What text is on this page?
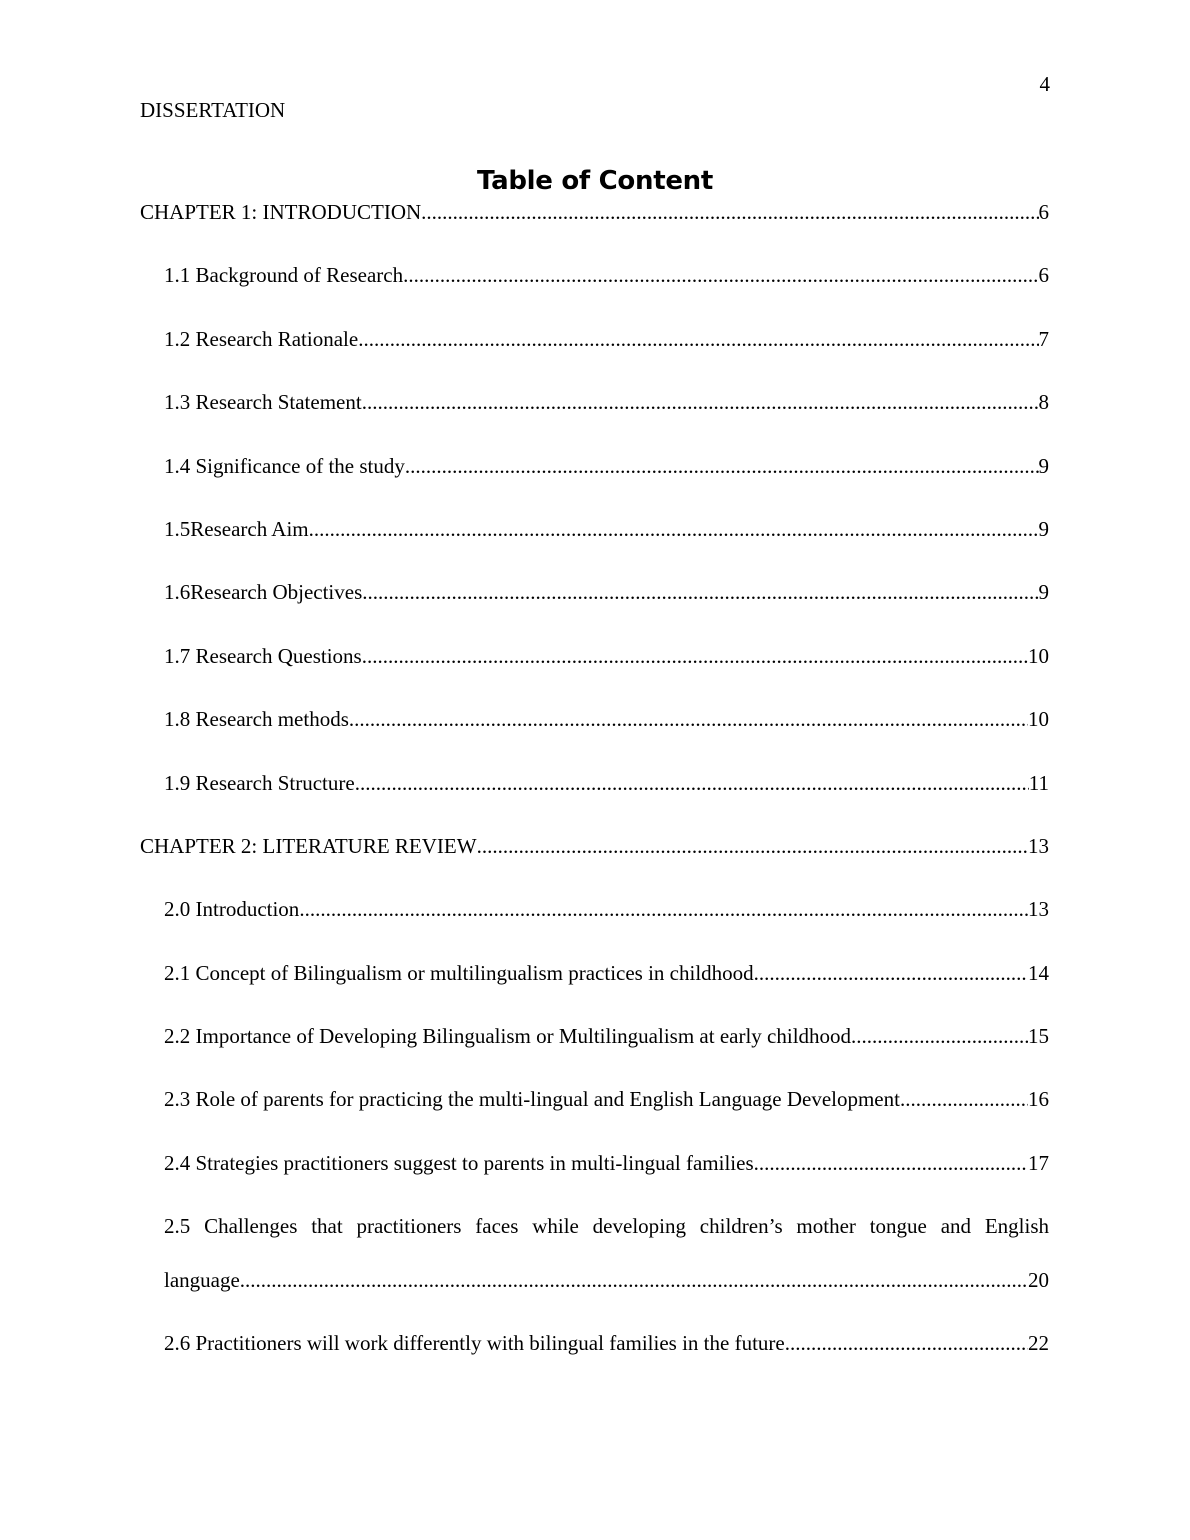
4
DISSERTATION
Table of Content
CHAPTER 1: INTRODUCTION .....	6
1.1 Background of Research .....	6
1.2 Research Rationale .....	7
1.3 Research Statement .....	8
1.4 Significance of the study .....	9
1.5Research Aim .....	9
1.6Research Objectives .....	9
1.7 Research Questions .....	10
1.8 Research methods .....	10
1.9 Research Structure .....	11
CHAPTER 2: LITERATURE REVIEW .....	13
2.0 Introduction .....	13
2.1 Concept of Bilingualism or multilingualism practices in childhood .....	14
2.2 Importance of Developing Bilingualism or Multilingualism at early childhood .....	15
2.3 Role of parents for practicing the multi-lingual and English Language Development .....	16
2.4 Strategies practitioners suggest to parents in multi-lingual families .....	17
2.5 Challenges that practitioners faces while developing children’s mother tongue and English
language .....	20
2.6 Practitioners will work differently with bilingual families in the future .....	22
